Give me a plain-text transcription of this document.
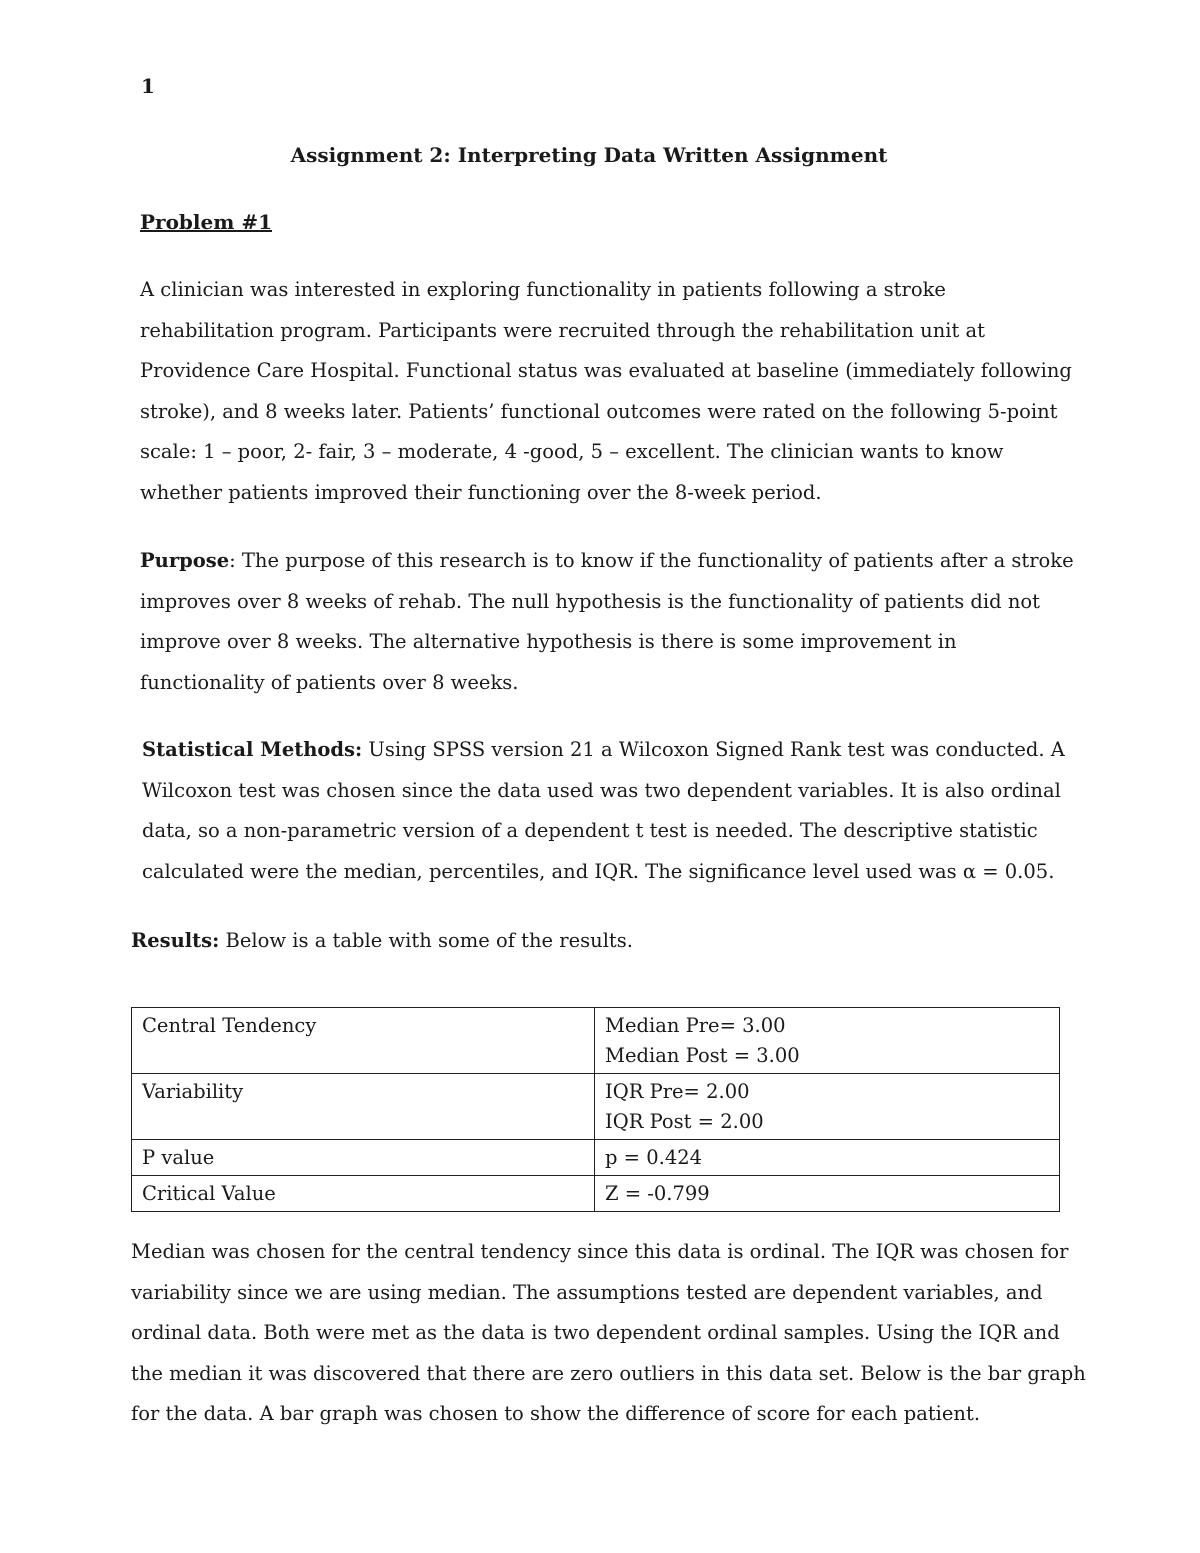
1

Assignment 2: Interpreting Data Written Assignment
Problem #1

A clinician was interested in exploring functionality in patients following a stroke rehabilitation program. Participants were recruited through the rehabilitation unit at Providence Care Hospital. Functional status was evaluated at baseline (immediately following stroke), and 8 weeks later. Patients’ functional outcomes were rated on the following 5-point scale: 1 – poor, 2- fair, 3 – moderate, 4 -good, 5 – excellent. The clinician wants to know whether patients improved their functioning over the 8-week period.

Purpose: The purpose of this research is to know if the functionality of patients after a stroke improves over 8 weeks of rehab. The null hypothesis is the functionality of patients did not improve over 8 weeks. The alternative hypothesis is there is some improvement in functionality of patients over 8 weeks.

Statistical Methods: Using SPSS version 21 a Wilcoxon Signed Rank test was conducted. A Wilcoxon test was chosen since the data used was two dependent variables. It is also ordinal data, so a non-parametric version of a dependent t test is needed. The descriptive statistic calculated were the median, percentiles, and IQR. The significance level used was α = 0.05.

Results: Below is a table with some of the results.

Central Tendency	Median Pre= 3.00
Median Post = 3.00

Variability	IQR Pre= 2.00
IQR Post = 2.00

P value	p = 0.424

Critical Value	Z = -0.799

Median was chosen for the central tendency since this data is ordinal. The IQR was chosen for variability since we are using median. The assumptions tested are dependent variables, and ordinal data. Both were met as the data is two dependent ordinal samples. Using the IQR and the median it was discovered that there are zero outliers in this data set. Below is the bar graph for the data. A bar graph was chosen to show the difference of score for each patient.
